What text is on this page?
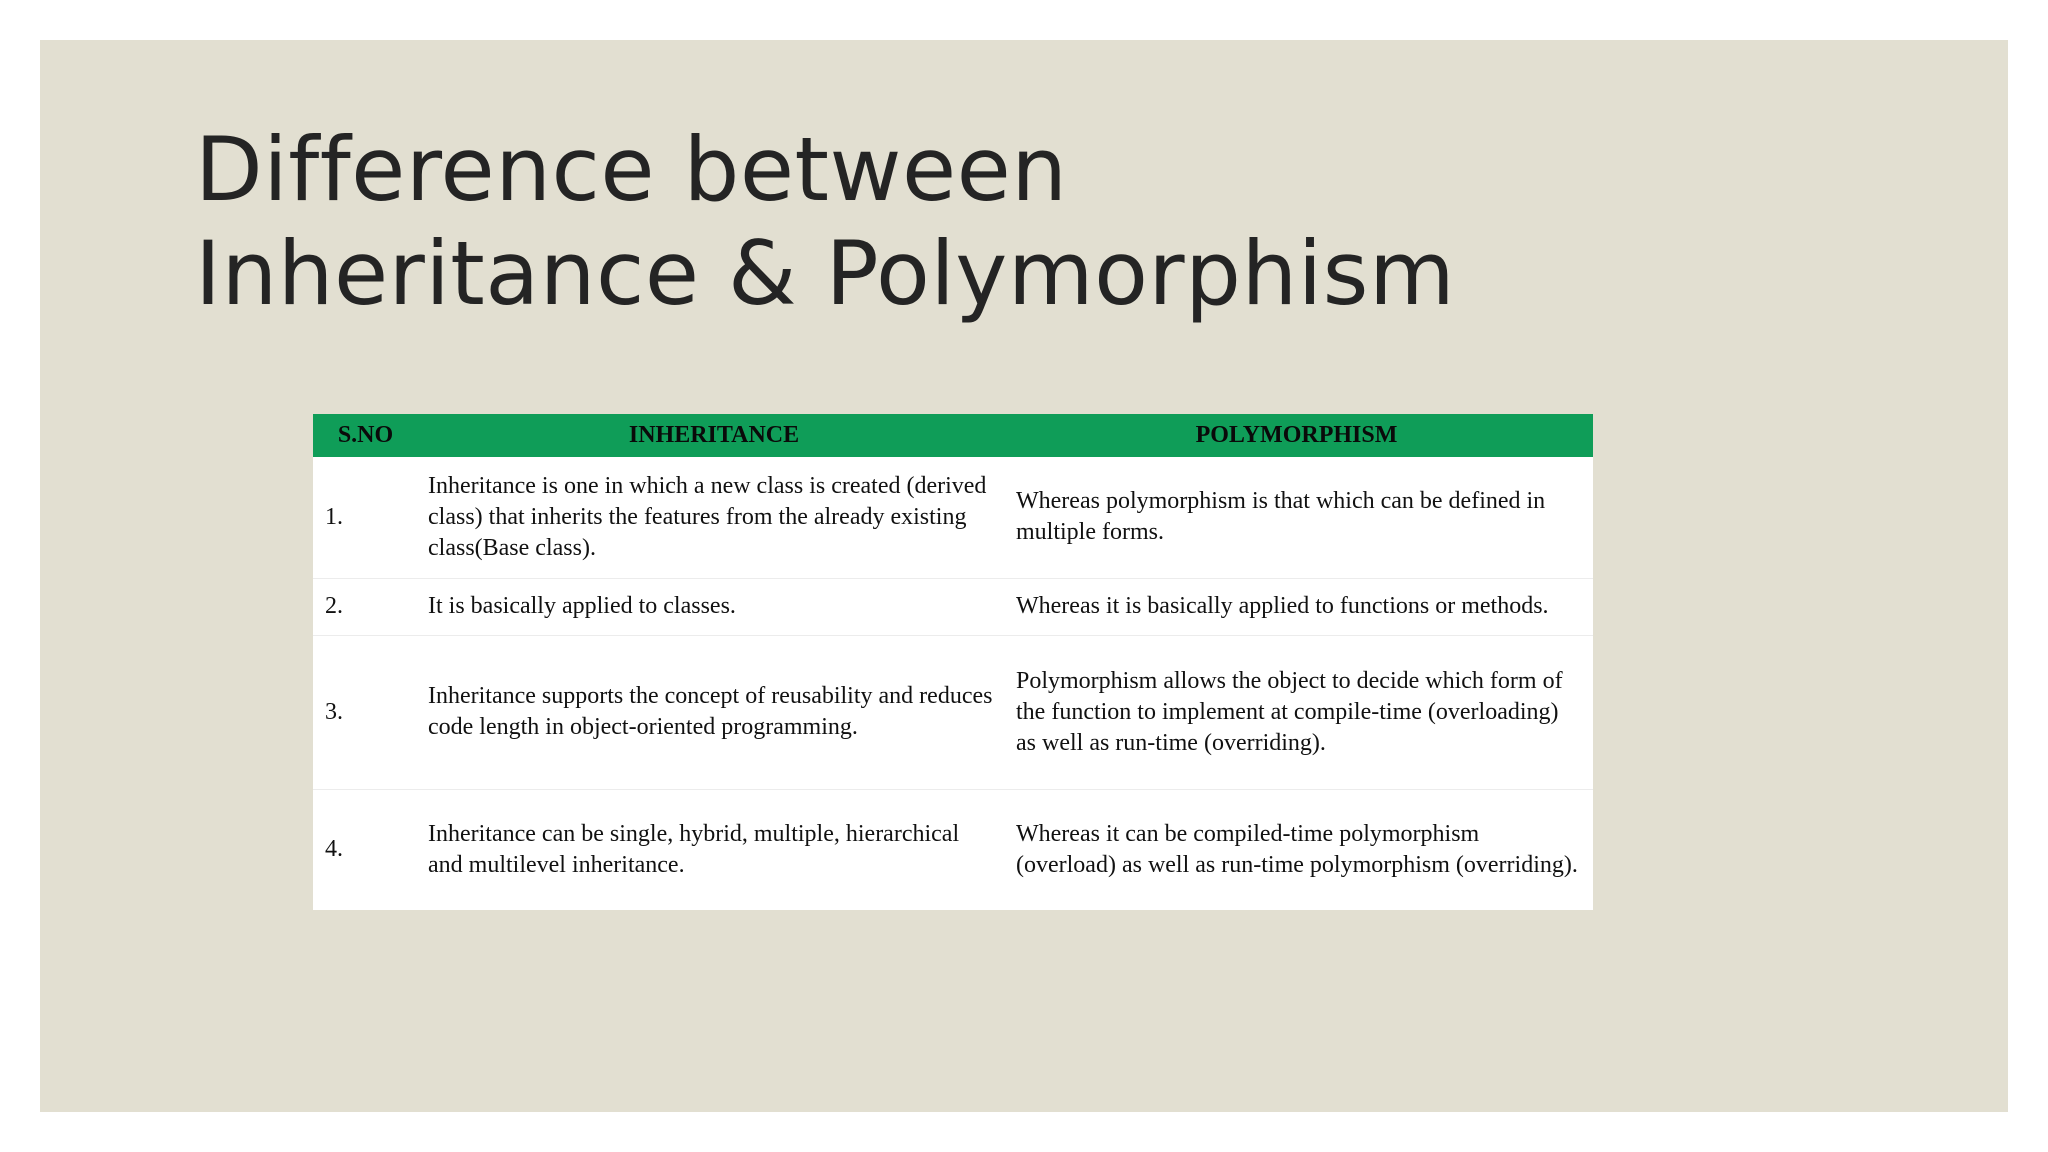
Difference between
Inheritance & Polymorphism
S.NO	INHERITANCE	POLYMORPHISM
1.	Inheritance is one in which a new class is created (derived class) that inherits the features from the already existing class(Base class).	Whereas polymorphism is that which can be defined in multiple forms.
2.	It is basically applied to classes.	Whereas it is basically applied to functions or methods.
3.	Inheritance supports the concept of reusability and reduces code length in object-oriented programming.	Polymorphism allows the object to decide which form of the function to implement at compile-time (overloading) as well as run-time (overriding).
4.	Inheritance can be single, hybrid, multiple, hierarchical and multilevel inheritance.	Whereas it can be compiled-time polymorphism (overload) as well as run-time polymorphism (overriding).
